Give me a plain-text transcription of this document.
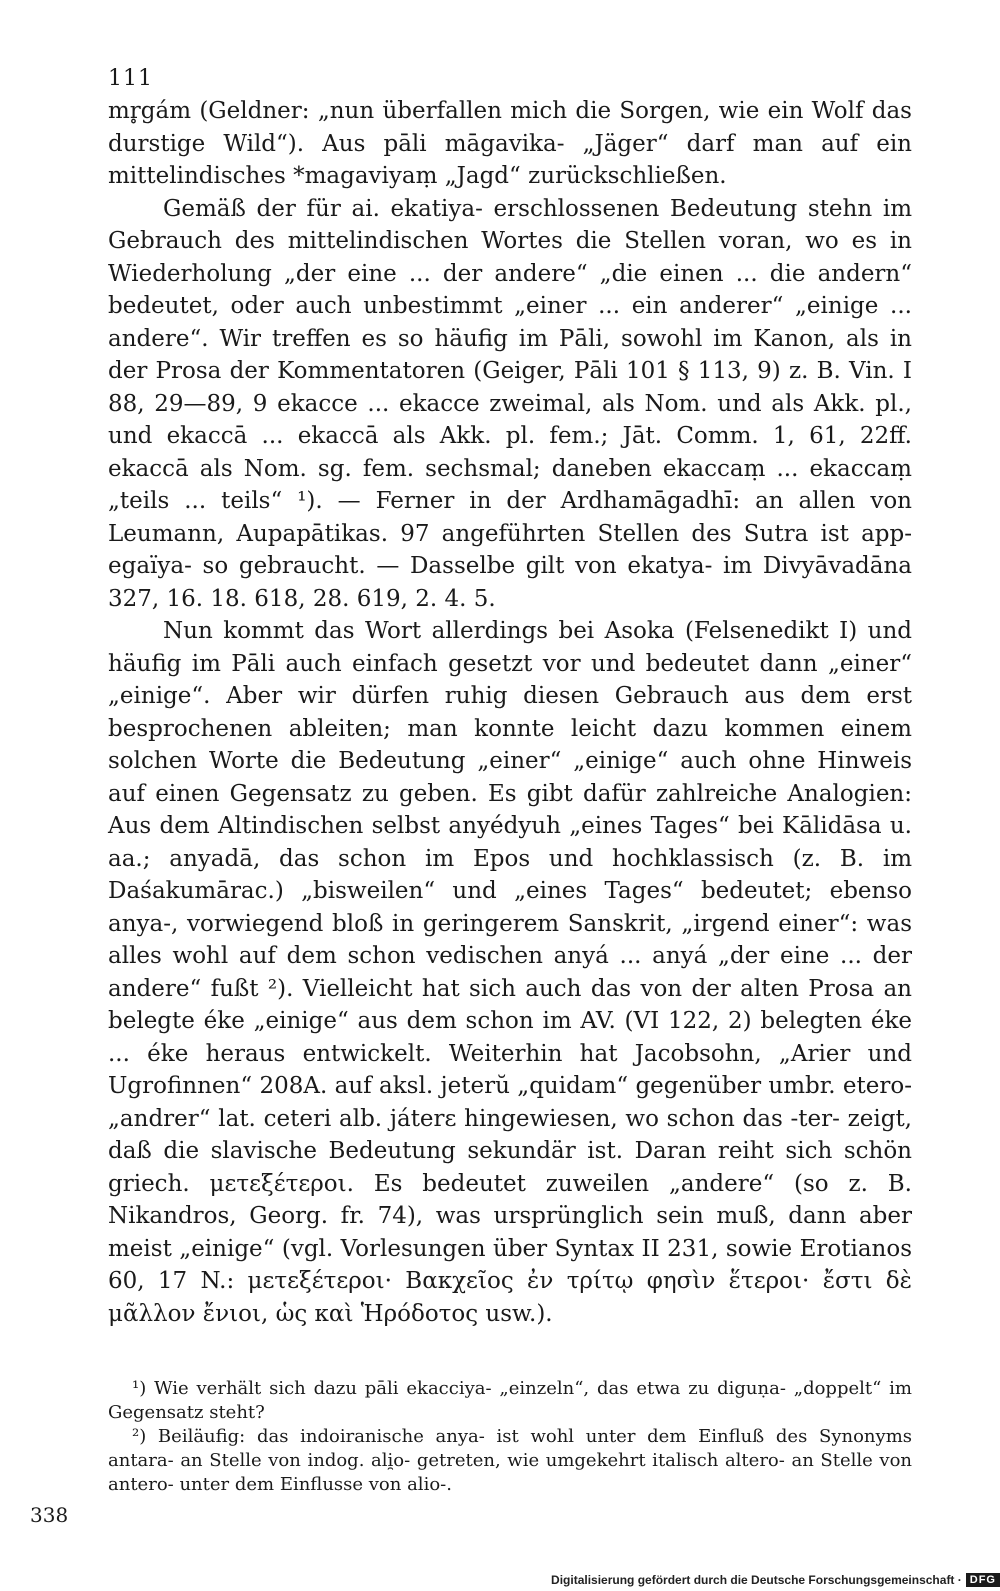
111

mr̥gám (Geldner: „nun überfallen mich die Sorgen, wie ein Wolf das durstige Wild“). Aus pāli māgavika- „Jäger“ darf man auf ein mittelindisches *magaviyaṃ „Jagd“ zurückschließen.

Gemäß der für ai. ekatiya- erschlossenen Bedeutung stehn im Gebrauch des mittelindischen Wortes die Stellen voran, wo es in Wiederholung „der eine ... der andere“ „die einen ... die andern“ bedeutet, oder auch unbestimmt „einer ... ein anderer“ „einige ... andere“. Wir treffen es so häufig im Pāli, sowohl im Kanon, als in der Prosa der Kommentatoren (Geiger, Pāli 101 § 113, 9) z. B. Vin. I 88, 29—89, 9 ekacce ... ekacce zweimal, als Nom. und als Akk. pl., und ekaccā ... ekaccā als Akk. pl. fem.; Jāt. Comm. 1, 61, 22ff. ekaccā als Nom. sg. fem. sechsmal; daneben ekaccaṃ ... ekaccaṃ „teils ... teils“ ¹). — Ferner in der Ardhamāgadhī: an allen von Leumann, Aupapātikas. 97 angeführten Stellen des Sutra ist app-egaïya- so gebraucht. — Dasselbe gilt von ekatya- im Divyāvadāna 327, 16. 18. 618, 28. 619, 2. 4. 5.

Nun kommt das Wort allerdings bei Asoka (Felsenedikt I) und häufig im Pāli auch einfach gesetzt vor und bedeutet dann „einer“ „einige“. Aber wir dürfen ruhig diesen Gebrauch aus dem erst besprochenen ableiten; man konnte leicht dazu kommen einem solchen Worte die Bedeutung „einer“ „einige“ auch ohne Hinweis auf einen Gegensatz zu geben. Es gibt dafür zahlreiche Analogien: Aus dem Altindischen selbst anyédyuh „eines Tages“ bei Kālidāsa u. aa.; anyadā, das schon im Epos und hochklassisch (z. B. im Daśakumārac.) „bisweilen“ und „eines Tages“ bedeutet; ebenso anya-, vorwiegend bloß in geringerem Sanskrit, „irgend einer“: was alles wohl auf dem schon vedischen anyá ... anyá „der eine ... der andere“ fußt ²). Vielleicht hat sich auch das von der alten Prosa an belegte éke „einige“ aus dem schon im AV. (VI 122, 2) belegten éke ... éke heraus entwickelt. Weiterhin hat Jacobsohn, „Arier und Ugrofinnen“ 208A. auf aksl. jeterŭ „quidam“ gegenüber umbr. etero- „andrer“ lat. ceteri alb. játerε hingewiesen, wo schon das -ter- zeigt, daß die slavische Bedeutung sekundär ist. Daran reiht sich schön griech. μετεξέτεροι. Es bedeutet zuweilen „andere“ (so z. B. Nikandros, Georg. fr. 74), was ursprünglich sein muß, dann aber meist „einige“ (vgl. Vorlesungen über Syntax II 231, sowie Erotianos 60, 17 N.: μετεξέτεροι· Βακχεῖος ἐν τρίτῳ φησὶν ἕτεροι· ἔστι δὲ μᾶλλον ἔνιοι, ὡς καὶ Ἡρόδοτος usw.).

¹) Wie verhält sich dazu pāli ekacciya- „einzeln“, das etwa zu diguṇa- „doppelt“ im Gegensatz steht?

²) Beiläufig: das indoiranische anya- ist wohl unter dem Einfluß des Synonyms antara- an Stelle von indog. ali̯o- getreten, wie umgekehrt italisch altero- an Stelle von antero- unter dem Einflusse von alio-.

338
Digitalisierung gefördert durch die Deutsche Forschungsgemeinschaft · DFG
